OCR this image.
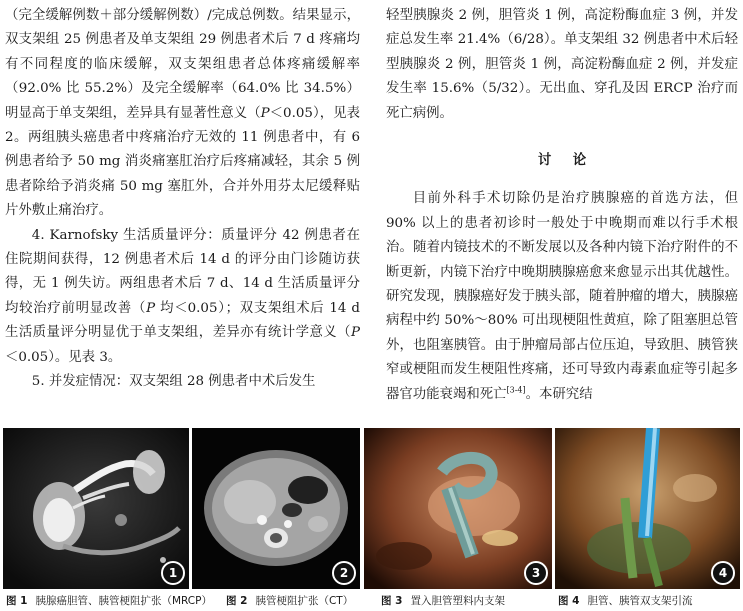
（完全缓解例数＋部分缓解例数）/完成总例数。结果显示，双支架组 25 例患者及单支架组 29 例患者术后 7 d 疼痛均有不同程度的临床缓解，双支架组患者总体疼痛缓解率（92.0% 比 55.2%）及完全缓解率（64.0% 比 34.5%）明显高于单支架组，差异具有显著性意义（P＜0.05），见表 2。两组胰头癌患者中疼痛治疗无效的 11 例患者中，有 6 例患者给予 50 mg 消炎痛塞肛治疗后疼痛减轻，其余 5 例患者除给予消炎痛 50 mg 塞肛外，合并外用芬太尼缓释贴片外敷止痛治疗。

4. Karnofsky 生活质量评分：质量评分 42 例患者在住院期间获得，12 例患者术后 14 d 的评分由门诊随访获得，无 1 例失访。两组患者术后 7 d、14 d 生活质量评分均较治疗前明显改善（P 均＜0.05）；双支架组术后 14 d 生活质量评分明显优于单支架组，差异亦有统计学意义（P＜0.05）。见表 3。

5. 并发症情况：双支架组 28 例患者中术后发生

轻型胰腺炎 2 例，胆管炎 1 例，高淀粉酶血症 3 例，并发症总发生率 21.4%（6/28）。单支架组 32 例患者中术后轻型胰腺炎 2 例，胆管炎 1 例，高淀粉酶血症 2 例，并发症发生率 15.6%（5/32）。无出血、穿孔及因 ERCP 治疗而死亡病例。

讨论

目前外科手术切除仍是治疗胰腺癌的首选方法，但 90% 以上的患者初诊时一般处于中晚期而难以行手术根治。随着内镜技术的不断发展以及各种内镜下治疗附件的不断更新，内镜下治疗中晚期胰腺癌愈来愈显示出其优越性。研究发现，胰腺癌好发于胰头部，随着肿瘤的增大，胰腺癌病程中约 50%～80% 可出现梗阻性黄疸，除了阻塞胆总管外，也阻塞胰管。由于肿瘤局部占位压迫，导致胆、胰管狭窄或梗阻而发生梗阻性疼痛，还可导致内毒素血症等引起多器官功能衰竭和死亡[3-4]。本研究结

1	2	3	4
图 1 胰腺癌胆管、胰管梗阻扩张（MRCP） 图 2 胰管梗阻扩张（CT）	图 3 置入胆管塑料内支架	图 4 胆管、胰管双支架引流
